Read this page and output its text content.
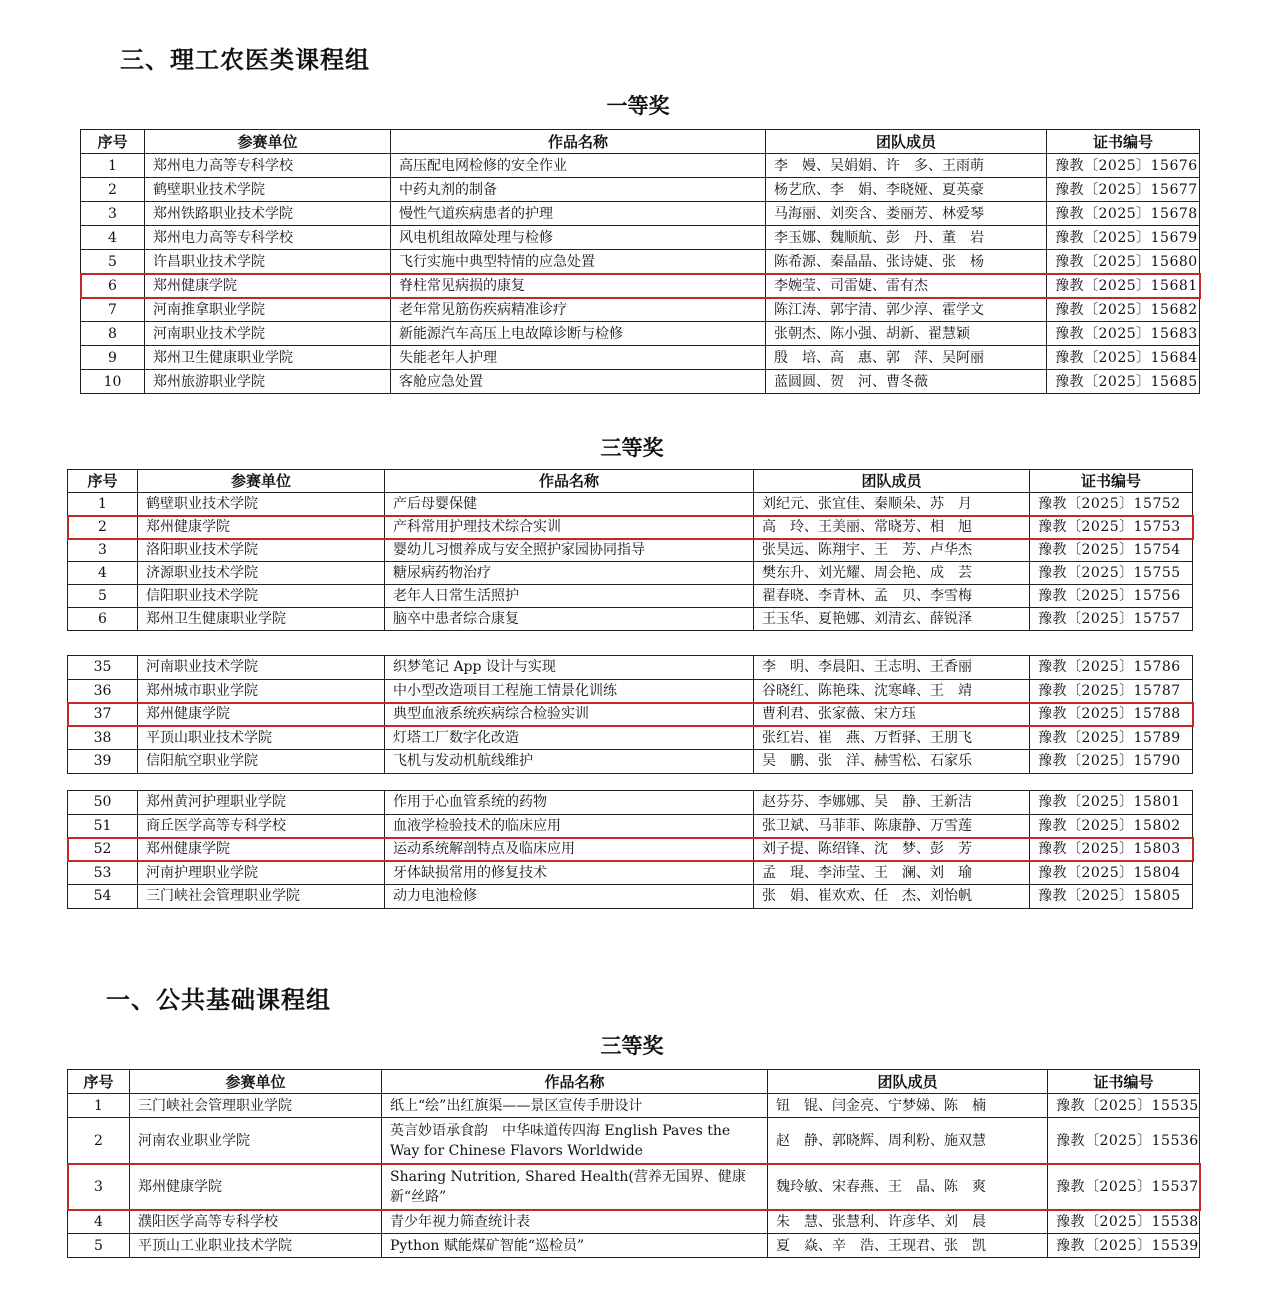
三、理工农医类课程组
一等奖
序号	参赛单位	作品名称	团队成员	证书编号
1	郑州电力高等专科学校	高压配电网检修的安全作业	李　嫚、吴娟娟、许　多、王雨萌	豫教〔2025〕15676
2	鹤壁职业技术学院	中药丸剂的制备	杨艺欣、李　娟、李晓娅、夏英豪	豫教〔2025〕15677
3	郑州铁路职业技术学院	慢性气道疾病患者的护理	马海丽、刘奕含、娄丽芳、林爱琴	豫教〔2025〕15678
4	郑州电力高等专科学校	风电机组故障处理与检修	李玉娜、魏顺航、彭　丹、董　岩	豫教〔2025〕15679
5	许昌职业技术学院	飞行实施中典型特情的应急处置	陈希源、秦晶晶、张诗婕、张　杨	豫教〔2025〕15680
6	郑州健康学院	脊柱常见病损的康复	李婉莹、司雷婕、雷有杰	豫教〔2025〕15681
7	河南推拿职业学院	老年常见筋伤疾病精准诊疗	陈江涛、郭宇清、郭少淳、霍学文	豫教〔2025〕15682
8	河南职业技术学院	新能源汽车高压上电故障诊断与检修	张朝杰、陈小强、胡新、翟慧颖	豫教〔2025〕15683
9	郑州卫生健康职业学院	失能老年人护理	殷　培、高　惠、郭　萍、吴阿丽	豫教〔2025〕15684
10	郑州旅游职业学院	客舱应急处置	蓝圆圆、贺　河、曹冬薇	豫教〔2025〕15685
三等奖
序号	参赛单位	作品名称	团队成员	证书编号
1	鹤壁职业技术学院	产后母婴保健	刘纪元、张宜佳、秦顺朵、苏　月	豫教〔2025〕15752
2	郑州健康学院	产科常用护理技术综合实训	高　玲、王美丽、常晓芳、相　旭	豫教〔2025〕15753
3	洛阳职业技术学院	婴幼儿习惯养成与安全照护家园协同指导	张昊远、陈翔宇、王　芳、卢华杰	豫教〔2025〕15754
4	济源职业技术学院	糖尿病药物治疗	樊东升、刘光耀、周会艳、成　芸	豫教〔2025〕15755
5	信阳职业技术学院	老年人日常生活照护	翟春晓、李青林、孟　贝、李雪梅	豫教〔2025〕15756
6	郑州卫生健康职业学院	脑卒中患者综合康复	王玉华、夏艳娜、刘清玄、薛锐泽	豫教〔2025〕15757
35	河南职业技术学院	织梦笔记 App 设计与实现	李　明、李晨阳、王志明、王香丽	豫教〔2025〕15786
36	郑州城市职业学院	中小型改造项目工程施工情景化训练	谷晓红、陈艳珠、沈寒峰、王　靖	豫教〔2025〕15787
37	郑州健康学院	典型血液系统疾病综合检验实训	曹利君、张家薇、宋方珏	豫教〔2025〕15788
38	平顶山职业技术学院	灯塔工厂数字化改造	张红岩、崔　燕、万哲驿、王朋飞	豫教〔2025〕15789
39	信阳航空职业学院	飞机与发动机航线维护	吴　鹏、张　洋、赫雪松、石家乐	豫教〔2025〕15790
50	郑州黄河护理职业学院	作用于心血管系统的药物	赵芬芬、李娜娜、吴　静、王新洁	豫教〔2025〕15801
51	商丘医学高等专科学校	血液学检验技术的临床应用	张卫斌、马菲菲、陈康静、万雪莲	豫教〔2025〕15802
52	郑州健康学院	运动系统解剖特点及临床应用	刘子提、陈绍锋、沈　梦、彭　芳	豫教〔2025〕15803
53	河南护理职业学院	牙体缺损常用的修复技术	孟　琨、李沛莹、王　澜、刘　瑜	豫教〔2025〕15804
54	三门峡社会管理职业学院	动力电池检修	张　娟、崔欢欢、任　杰、刘怡帆	豫教〔2025〕15805
一、公共基础课程组
三等奖
序号	参赛单位	作品名称	团队成员	证书编号
1	三门峡社会管理职业学院	纸上“绘”出红旗渠——景区宣传手册设计	钮　锟、闫金亮、宁梦娣、陈　楠	豫教〔2025〕15535
2	河南农业职业学院	英言妙语承食韵　中华味道传四海 English Paves the Way for Chinese Flavors Worldwide	赵　静、郭晓辉、周利粉、施双慧	豫教〔2025〕15536
3	郑州健康学院	Sharing Nutrition, Shared Health(营养无国界、健康新“丝路”	魏玲敏、宋春燕、王　晶、陈　爽	豫教〔2025〕15537
4	濮阳医学高等专科学校	青少年视力筛查统计表	朱　慧、张慧利、许彦华、刘　晨	豫教〔2025〕15538
5	平顶山工业职业技术学院	Python 赋能煤矿智能“巡检员”	夏　焱、辛　浩、王现君、张　凯	豫教〔2025〕15539
